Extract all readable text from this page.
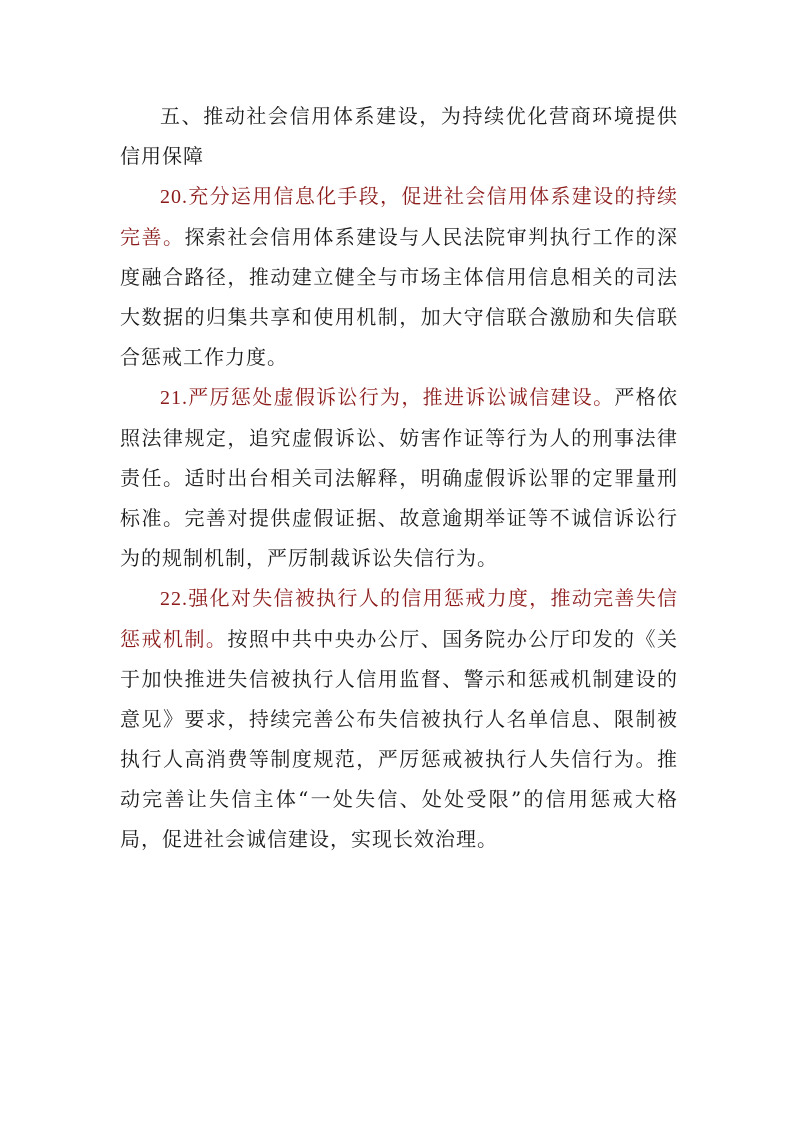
五、推动社会信用体系建设，为持续优化营商环境提供信用保障

20.充分运用信息化手段，促进社会信用体系建设的持续完善。探索社会信用体系建设与人民法院审判执行工作的深度融合路径，推动建立健全与市场主体信用信息相关的司法大数据的归集共享和使用机制，加大守信联合激励和失信联合惩戒工作力度。

21.严厉惩处虚假诉讼行为，推进诉讼诚信建设。严格依照法律规定，追究虚假诉讼、妨害作证等行为人的刑事法律责任。适时出台相关司法解释，明确虚假诉讼罪的定罪量刑标准。完善对提供虚假证据、故意逾期举证等不诚信诉讼行为的规制机制，严厉制裁诉讼失信行为。

22.强化对失信被执行人的信用惩戒力度，推动完善失信惩戒机制。按照中共中央办公厅、国务院办公厅印发的《关于加快推进失信被执行人信用监督、警示和惩戒机制建设的意见》要求，持续完善公布失信被执行人名单信息、限制被执行人高消费等制度规范，严厉惩戒被执行人失信行为。推动完善让失信主体“一处失信、处处受限”的信用惩戒大格局，促进社会诚信建设，实现长效治理。
